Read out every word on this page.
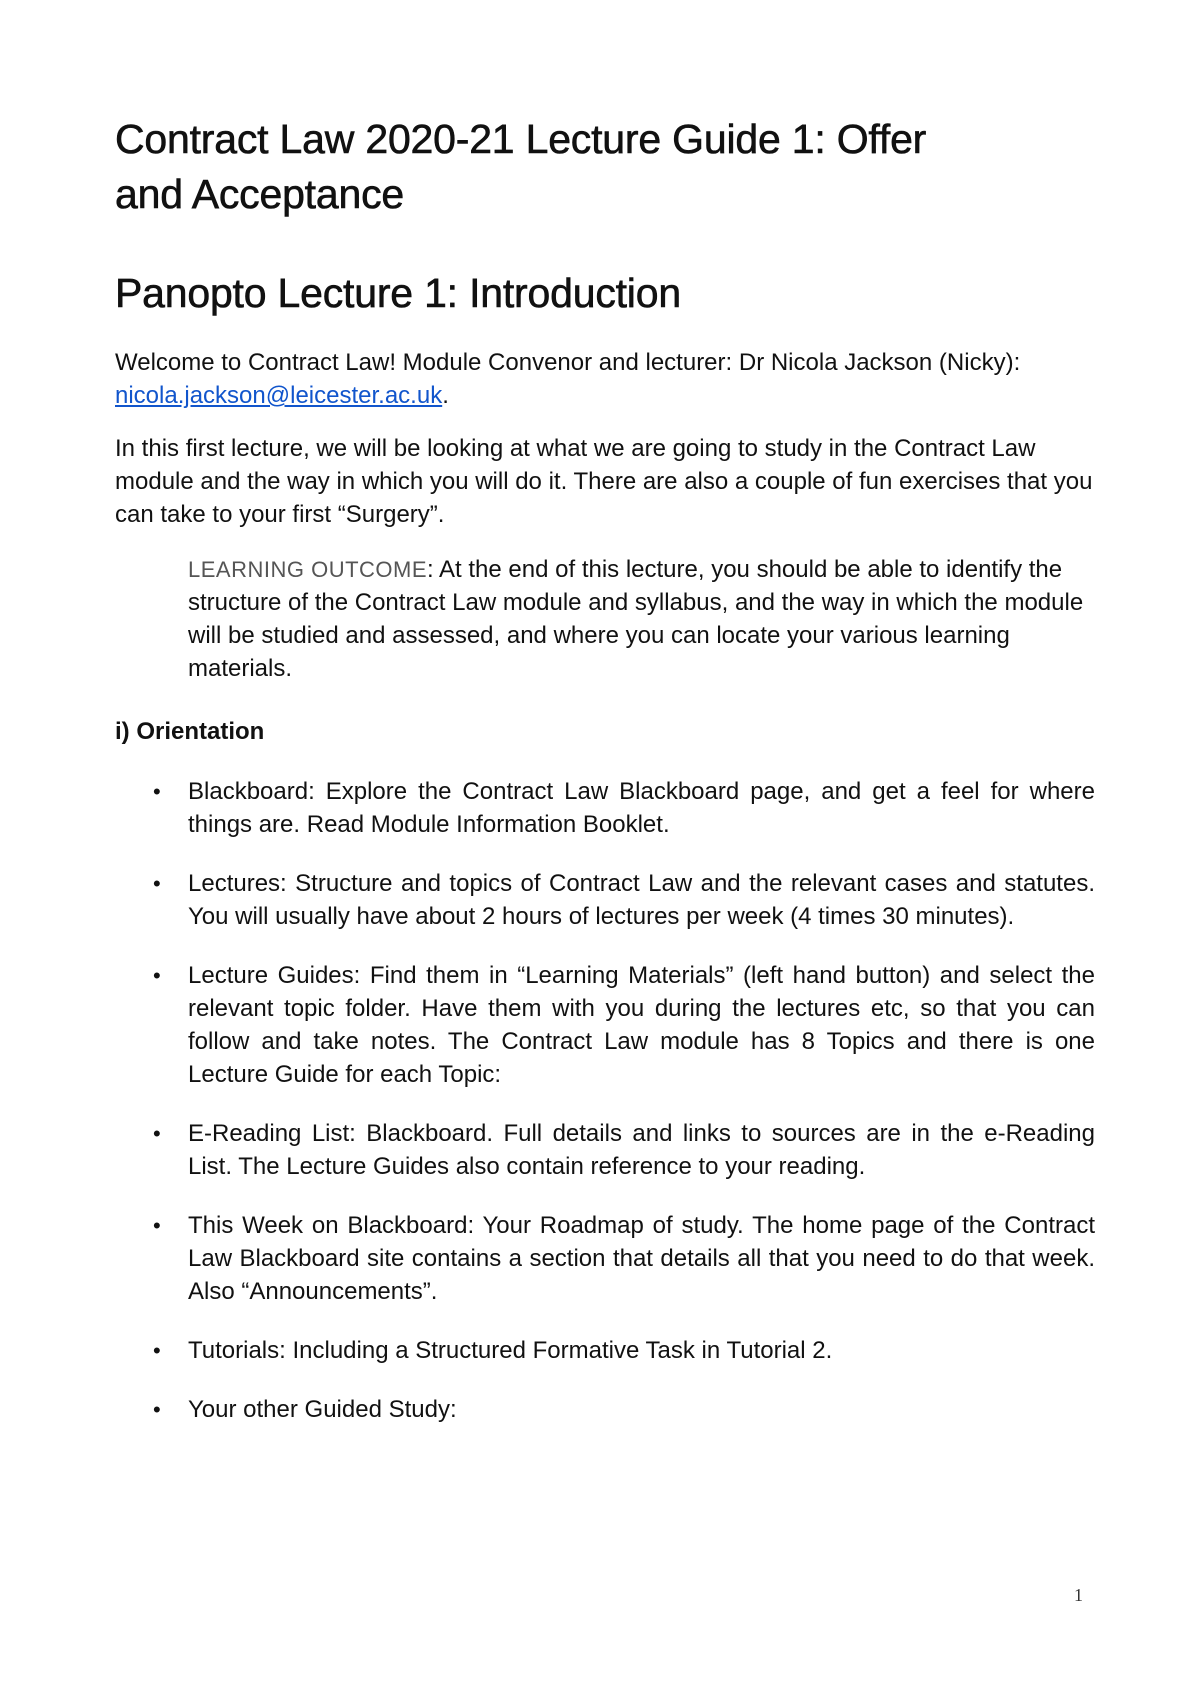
Contract Law 2020-21 Lecture Guide 1: Offer
and Acceptance
Panopto Lecture 1: Introduction

Welcome to Contract Law! Module Convenor and lecturer: Dr Nicola Jackson (Nicky): nicola.jackson@leicester.ac.uk.

In this first lecture, we will be looking at what we are going to study in the Contract Law module and the way in which you will do it. There are also a couple of fun exercises that you can take to your first “Surgery”.

LEARNING OUTCOME: At the end of this lecture, you should be able to identify the structure of the Contract Law module and syllabus, and the way in which the module will be studied and assessed, and where you can locate your various learning materials.

i) Orientation
• Blackboard: Explore the Contract Law Blackboard page, and get a feel for where things are. Read Module Information Booklet.
• Lectures: Structure and topics of Contract Law and the relevant cases and statutes. You will usually have about 2 hours of lectures per week (4 times 30 minutes).
• Lecture Guides: Find them in “Learning Materials” (left hand button) and select the relevant topic folder. Have them with you during the lectures etc, so that you can follow and take notes. The Contract Law module has 8 Topics and there is one Lecture Guide for each Topic:
• E-Reading List: Blackboard. Full details and links to sources are in the e-Reading List. The Lecture Guides also contain reference to your reading.
• This Week on Blackboard: Your Roadmap of study. The home page of the Contract Law Blackboard site contains a section that details all that you need to do that week. Also “Announcements”.
• Tutorials: Including a Structured Formative Task in Tutorial 2.
• Your other Guided Study:
1
